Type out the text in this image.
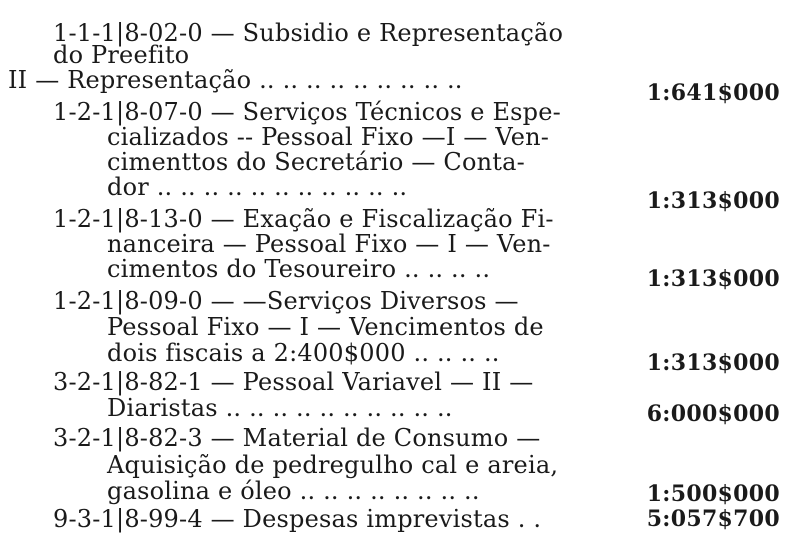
1-1-1|8-02-0 — Subsidio e Representação
do Preefito
II — Representação .. .. .. .. .. .. .. .. ..	1:641$000
1-2-1|8-07-0 — Serviços Técnicos e Espe-
cializados -- Pessoal Fixo —I — Ven-
cimenttos do Secretário — Conta-
dor .. .. .. .. .. .. .. .. .. .. ..	1:313$000
1-2-1|8-13-0 — Exação e Fiscalização Fi-
nanceira — Pessoal Fixo — I — Ven-
cimentos do Tesoureiro .. .. .. ..	1:313$000
1-2-1|8-09-0 — —Serviços Diversos —
Pessoal Fixo — I — Vencimentos de
dois fiscais a 2:400$000 .. .. .. ..	1:313$000
3-2-1|8-82-1 — Pessoal Variavel — II —
Diaristas .. .. .. .. .. .. .. .. .. ..	6:000$000
3-2-1|8-82-3 — Material de Consumo —
Aquisição de pedregulho cal e areia,
gasolina e óleo .. .. .. .. .. .. .. ..	1:500$000
9-3-1|8-99-4 — Despesas imprevistas . .	5:057$700
